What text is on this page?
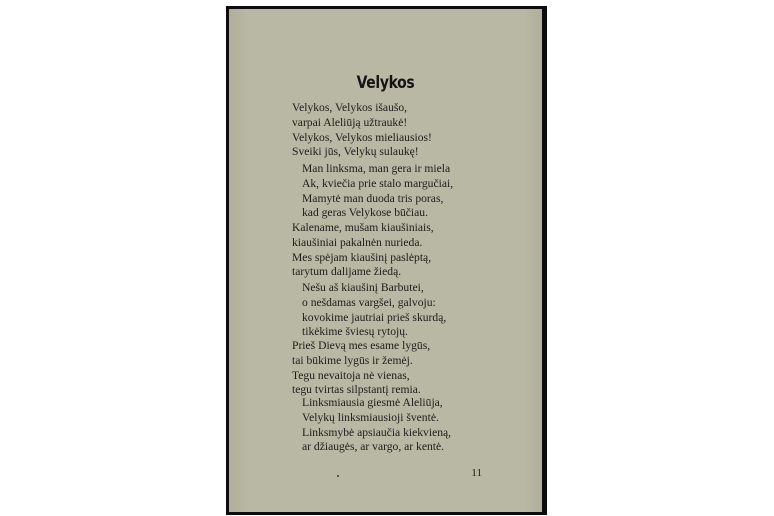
Velykos
Velykos, Velykos išaušo,
varpai Aleliūją užtraukė!
Velykos, Velykos mieliausios!
Sveiki jūs, Velykų sulaukę!
Man linksma, man gera ir miela
Ak, kviečia prie stalo margučiai,
Mamytė man duoda tris poras,
kad geras Velykose būčiau.
Kalename, mušam kiaušiniais,
kiaušiniai pakalnėn nurieda.
Mes spėjam kiaušinį paslėptą,
tarytum dalijame žiedą.
Nešu aš kiaušinį Barbutei,
o nešdamas vargšei, galvoju:
kovokime jautriai prieš skurdą,
tikėkime šviesų rytojų.
Prieš Dievą mes esame lygūs,
tai būkime lygūs ir žemėj.
Tegu nevaitoja nė vienas,
tegu tvirtas silpstantį remia.
Linksmiausia giesmė Aleliūja,
Velykų linksmiausioji šventė.
Linksmybė apsiaučia kiekvieną,
ar džiaugės, ar vargo, ar kentė.
11
